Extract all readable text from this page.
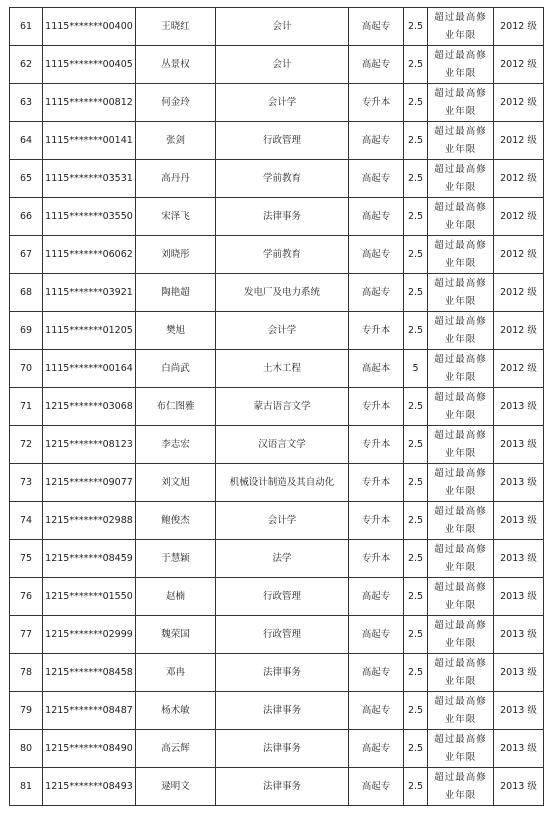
61	1115*******00400	王晓红	会计	高起专	2.5	超过最高修业年限	2012 级
62	1115*******00405	丛景权	会计	高起专	2.5	超过最高修业年限	2012 级
63	1115*******00812	何金玲	会计学	专升本	2.5	超过最高修业年限	2012 级
64	1115*******00141	张剑	行政管理	高起专	2.5	超过最高修业年限	2012 级
65	1115*******03531	高丹丹	学前教育	高起专	2.5	超过最高修业年限	2012 级
66	1115*******03550	宋泽飞	法律事务	高起专	2.5	超过最高修业年限	2012 级
67	1115*******06062	刘晓彤	学前教育	高起专	2.5	超过最高修业年限	2012 级
68	1115*******03921	陶艳超	发电厂及电力系统	高起专	2.5	超过最高修业年限	2012 级
69	1115*******01205	樊旭	会计学	专升本	2.5	超过最高修业年限	2012 级
70	1115*******00164	白尚武	土木工程	高起本	5	超过最高修业年限	2012 级
71	1215*******03068	布仁图雅	蒙古语言文学	专升本	2.5	超过最高修业年限	2013 级
72	1215*******08123	李志宏	汉语言文学	专升本	2.5	超过最高修业年限	2013 级
73	1215*******09077	刘文旭	机械设计制造及其自动化	专升本	2.5	超过最高修业年限	2013 级
74	1215*******02988	鲍俊杰	会计学	专升本	2.5	超过最高修业年限	2013 级
75	1215*******08459	于慧颖	法学	专升本	2.5	超过最高修业年限	2013 级
76	1215*******01550	赵楠	行政管理	高起专	2.5	超过最高修业年限	2013 级
77	1215*******02999	魏荣国	行政管理	高起专	2.5	超过最高修业年限	2013 级
78	1215*******08458	邓冉	法律事务	高起专	2.5	超过最高修业年限	2013 级
79	1215*******08487	杨术敏	法律事务	高起专	2.5	超过最高修业年限	2013 级
80	1215*******08490	高云辉	法律事务	高起专	2.5	超过最高修业年限	2013 级
81	1215*******08493	逯明文	法律事务	高起专	2.5	超过最高修业年限	2013 级
